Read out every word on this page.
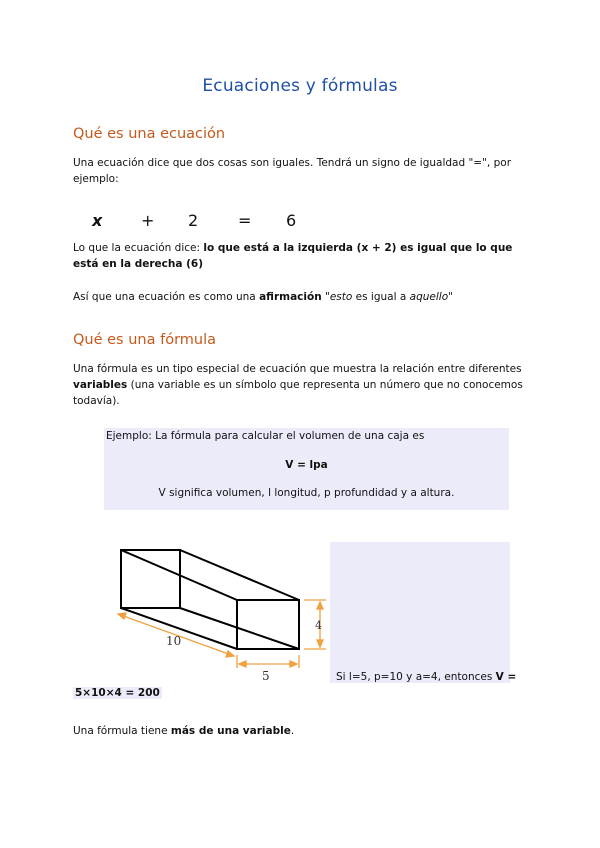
Ecuaciones y fórmulas
Qué es una ecuación

Una ecuación dice que dos cosas son iguales. Tendrá un signo de igualdad "=", por ejemplo:

x + 2 = 6

Lo que la ecuación dice: lo que está a la izquierda (x + 2) es igual que lo que está en la derecha (6)

Así que una ecuación es como una afirmación "esto es igual a aquello"

Qué es una fórmula

Una fórmula es un tipo especial de ecuación que muestra la relación entre diferentes variables (una variable es un símbolo que representa un número que no conocemos todavía).

Ejemplo: La fórmula para calcular el volumen de una caja es

V = lpa

V significa volumen, l longitud, p profundidad y a altura.

10
5
4
Si l=5, p=10 y a=4, entonces V =
5×10×4 = 200

Una fórmula tiene más de una variable.
